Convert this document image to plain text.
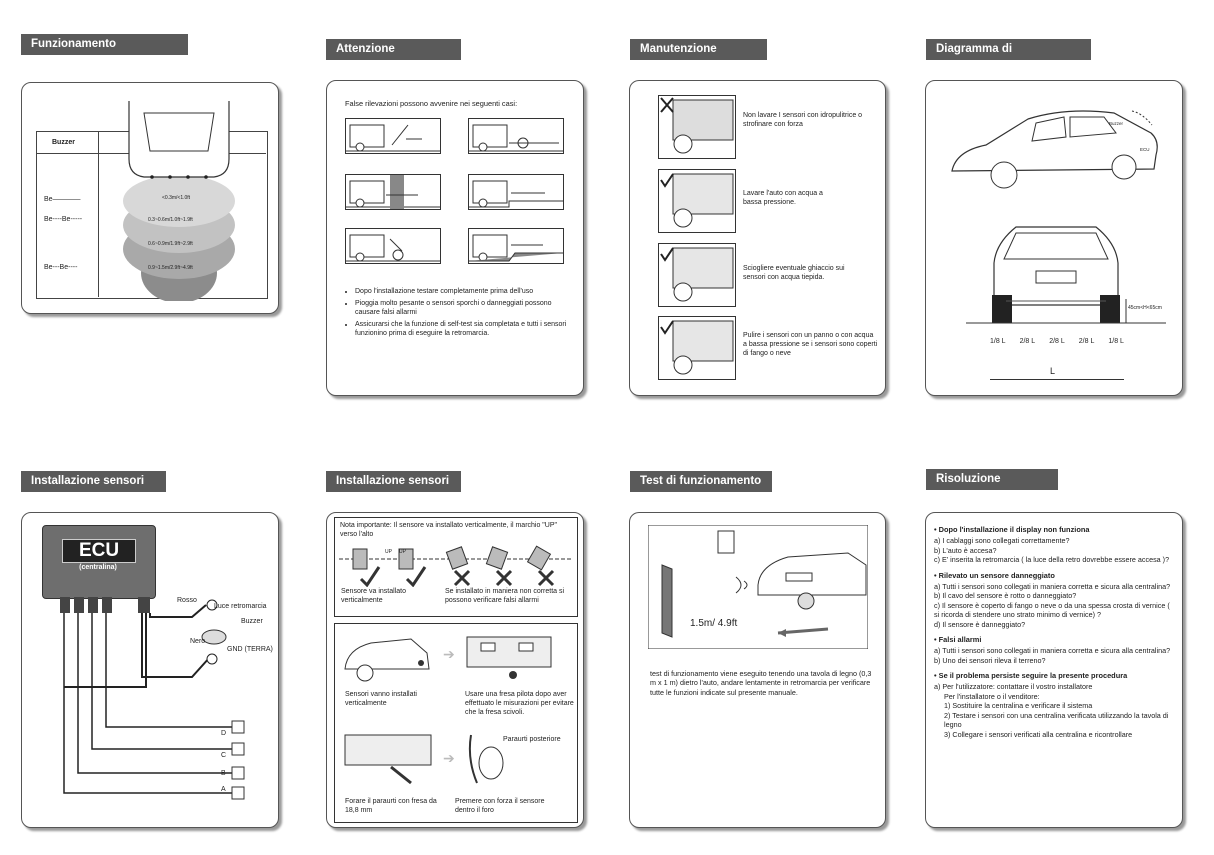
Funzionamento
Buzzer
Be————
Be----Be-----
Be---Be----
<0.3m/<1.0ft
0.3~0.6m/1.0ft~1.9ft
0.6~0.9m/1.9ft~2.9ft
0.9~1.5m/2.9ft~4.9ft
Attenzione
False rilevazioni possono avvenire nei seguenti casi:
• Dopo l'installazione testare completamente prima dell'uso
• Pioggia molto pesante o sensori sporchi o danneggiati possono causare falsi allarmi
• Assicurarsi che la funzione di self-test sia completata e tutti i sensori funzionino prima di eseguire la retromarcia.
Manutenzione sensori
Non lavare I sensori con idropulitrice o strofinare con forza
Lavare l'auto con acqua a bassa pressione.
Sciogliere eventuale ghiaccio sui sensori con acqua tiepida.
Pulire i sensori con un panno o con acqua a bassa pressione se i sensori sono coperti di fango o neve
Diagramma di installazione
Buzzer
ECU
45cm<H<65cm
1/8 L 2/8 L 2/8 L 2/8 L 1/8 L
L
Installazione sensori
ECU
(centralina)
Rosso
Luce retromarcia
Buzzer
Nero
GND (TERRA)
D
C
B
A
Installazione sensori
Nota importante: Il sensore va installato verticalmente, il marchio "UP" verso l'alto
UP UP
Sensore va installato verticalmente
Se installato in maniera non corretta si possono verificare falsi allarmi
➔
Sensori vanno installati verticalmente
Usare una fresa pilota dopo aver effettuato le misurazioni per evitare che la fresa scivoli.
➔
Paraurti posteriore
Forare il paraurti con fresa da 18,8 mm
Premere con forza il sensore dentro il foro
Test di funzionamento
1.5m/ 4.9ft
test di funzionamento viene eseguito tenendo una tavola di legno (0,3 m x 1 m) dietro l'auto, andare lentamente in retromarcia per verificare tutte le funzioni indicate sul presente manuale.
Risoluzione problemi
• Dopo l'installazione il display non funziona

a) I cablaggi sono collegati correttamente?

b) L'auto è accesa?

c) E' inserita la retromarcia ( la luce della retro dovrebbe essere accesa )?

• Rilevato un sensore danneggiato

a) Tutti i sensori sono collegati in maniera corretta e sicura alla centralina?

b) Il cavo del sensore è rotto o danneggiato?

c) Il sensore è coperto di fango o neve o da una spessa crosta di vernice ( si ricorda di stendere uno strato minimo di vernice) ?

d) Il sensore è danneggiato?

• Falsi allarmi

a) Tutti i sensori sono collegati in maniera corretta e sicura alla centralina?

b) Uno dei sensori rileva il terreno?

• Se il problema persiste seguire la presente procedura

a) Per l'utilizzatore: contattare il vostro installatore

Per l'installatore o il venditore:

1) Sostituire la centralina e verificare il sistema

2) Testare i sensori con una centralina verificata utilizzando la tavola di legno

3) Collegare i sensori verificati alla centralina e ricontrollare
